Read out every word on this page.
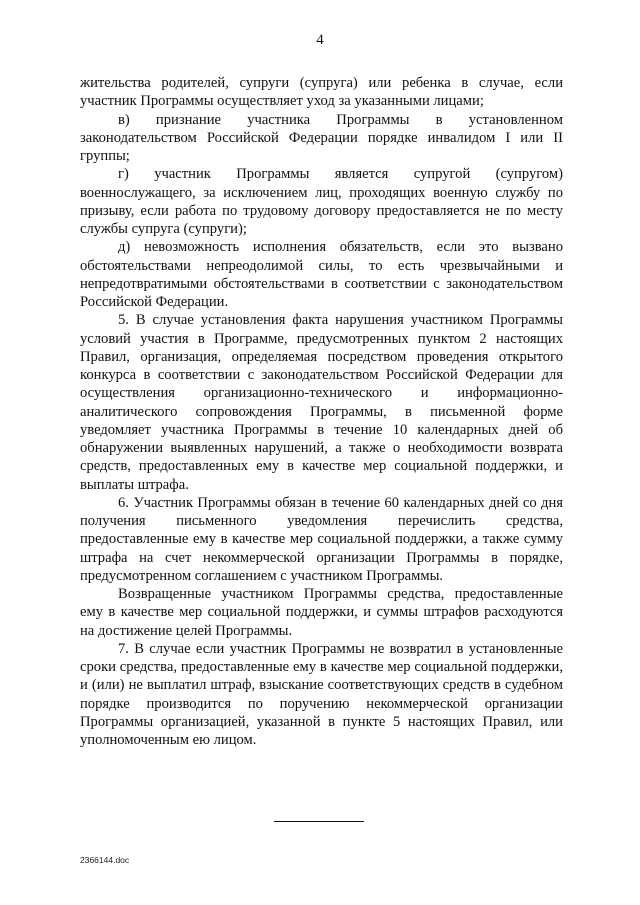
4

жительства родителей, супруги (супруга) или ребенка в случае, если участник Программы осуществляет уход за указанными лицами;

в) признание участника Программы в установленном законодательством Российской Федерации порядке инвалидом I или II группы;

г) участник Программы является супругой (супругом) военнослужащего, за исключением лиц, проходящих военную службу по призыву, если работа по трудовому договору предоставляется не по месту службы супруга (супруги);

д) невозможность исполнения обязательств, если это вызвано обстоятельствами непреодолимой силы, то есть чрезвычайными и непредотвратимыми обстоятельствами в соответствии с законодательством Российской Федерации.

5. В случае установления факта нарушения участником Программы условий участия в Программе, предусмотренных пунктом 2 настоящих Правил, организация, определяемая посредством проведения открытого конкурса в соответствии с законодательством Российской Федерации для осуществления организационно-технического и информационно-аналитического сопровождения Программы, в письменной форме уведомляет участника Программы в течение 10 календарных дней об обнаружении выявленных нарушений, а также о необходимости возврата средств, предоставленных ему в качестве мер социальной поддержки, и выплаты штрафа.

6. Участник Программы обязан в течение 60 календарных дней со дня получения письменного уведомления перечислить средства, предоставленные ему в качестве мер социальной поддержки, а также сумму штрафа на счет некоммерческой организации Программы в порядке, предусмотренном соглашением с участником Программы.

Возвращенные участником Программы средства, предоставленные ему в качестве мер социальной поддержки, и суммы штрафов расходуются на достижение целей Программы.

7. В случае если участник Программы не возвратил в установленные сроки средства, предоставленные ему в качестве мер социальной поддержки, и (или) не выплатил штраф, взыскание соответствующих средств в судебном порядке производится по поручению некоммерческой организации Программы организацией, указанной в пункте 5 настоящих Правил, или уполномоченным ею лицом.

2366144.doc
